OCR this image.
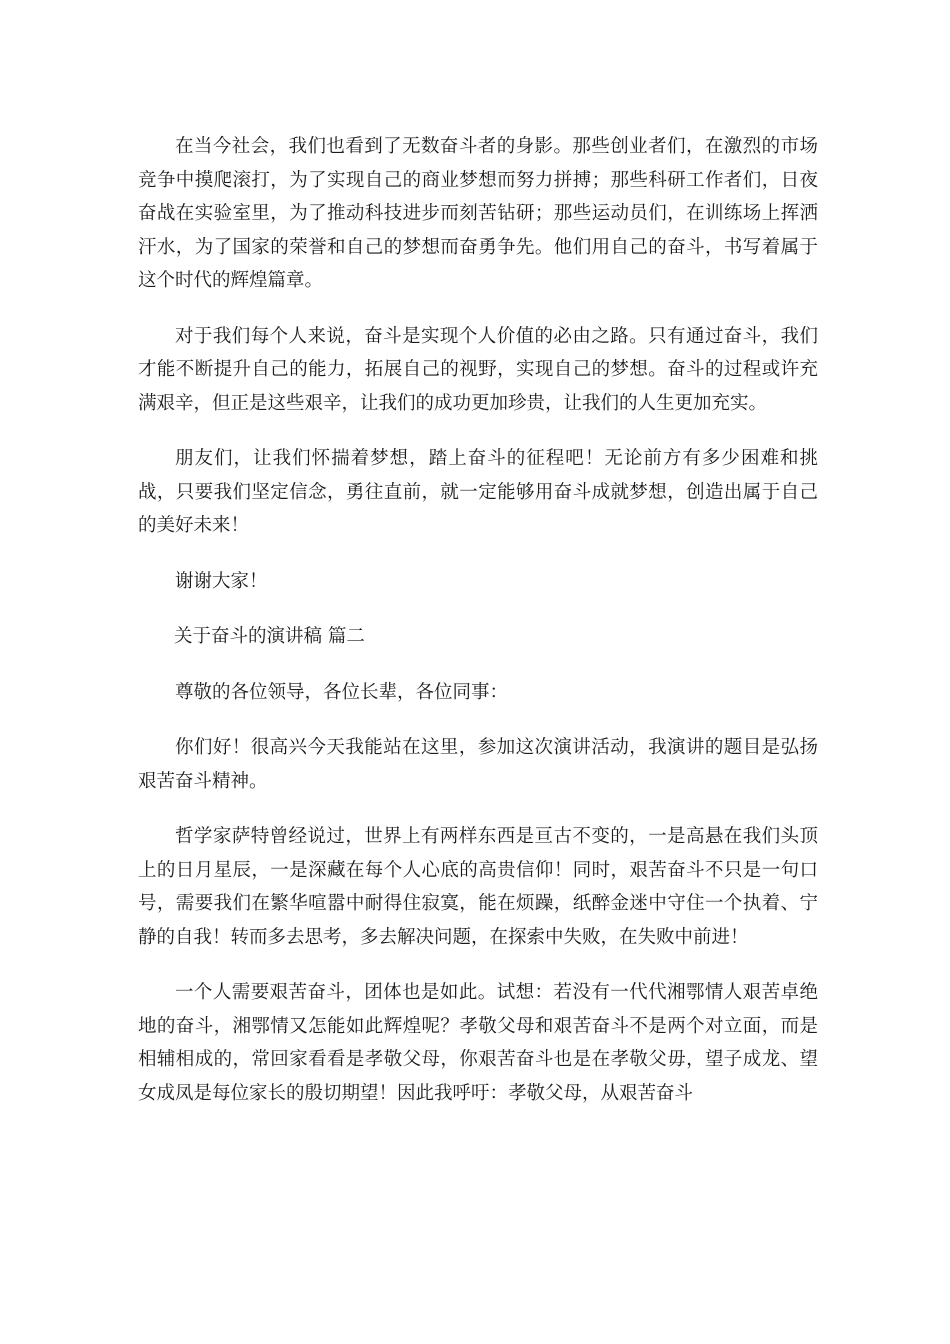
在当今社会，我们也看到了无数奋斗者的身影。那些创业者们，在激烈的市场竞争中摸爬滚打，为了实现自己的商业梦想而努力拼搏；那些科研工作者们，日夜奋战在实验室里，为了推动科技进步而刻苦钻研；那些运动员们，在训练场上挥洒汗水，为了国家的荣誉和自己的梦想而奋勇争先。他们用自己的奋斗，书写着属于这个时代的辉煌篇章。

对于我们每个人来说，奋斗是实现个人价值的必由之路。只有通过奋斗，我们才能不断提升自己的能力，拓展自己的视野，实现自己的梦想。奋斗的过程或许充满艰辛，但正是这些艰辛，让我们的成功更加珍贵，让我们的人生更加充实。

朋友们，让我们怀揣着梦想，踏上奋斗的征程吧！无论前方有多少困难和挑战，只要我们坚定信念，勇往直前，就一定能够用奋斗成就梦想，创造出属于自己的美好未来！

谢谢大家！

关于奋斗的演讲稿 篇二

尊敬的各位领导，各位长辈，各位同事：

你们好！很高兴今天我能站在这里，参加这次演讲活动，我演讲的题目是弘扬艰苦奋斗精神。

哲学家萨特曾经说过，世界上有两样东西是亘古不变的，一是高悬在我们头顶上的日月星辰，一是深藏在每个人心底的高贵信仰！同时，艰苦奋斗不只是一句口号，需要我们在繁华喧嚣中耐得住寂寞，能在烦躁，纸醉金迷中守住一个执着、宁静的自我！转而多去思考，多去解决问题，在探索中失败，在失败中前进！

一个人需要艰苦奋斗，团体也是如此。试想：若没有一代代湘鄂情人艰苦卓绝地的奋斗，湘鄂情又怎能如此辉煌呢？孝敬父母和艰苦奋斗不是两个对立面，而是相辅相成的，常回家看看是孝敬父母，你艰苦奋斗也是在孝敬父毋，望子成龙、望女成凤是每位家长的殷切期望！因此我呼吁：孝敬父母，从艰苦奋斗
